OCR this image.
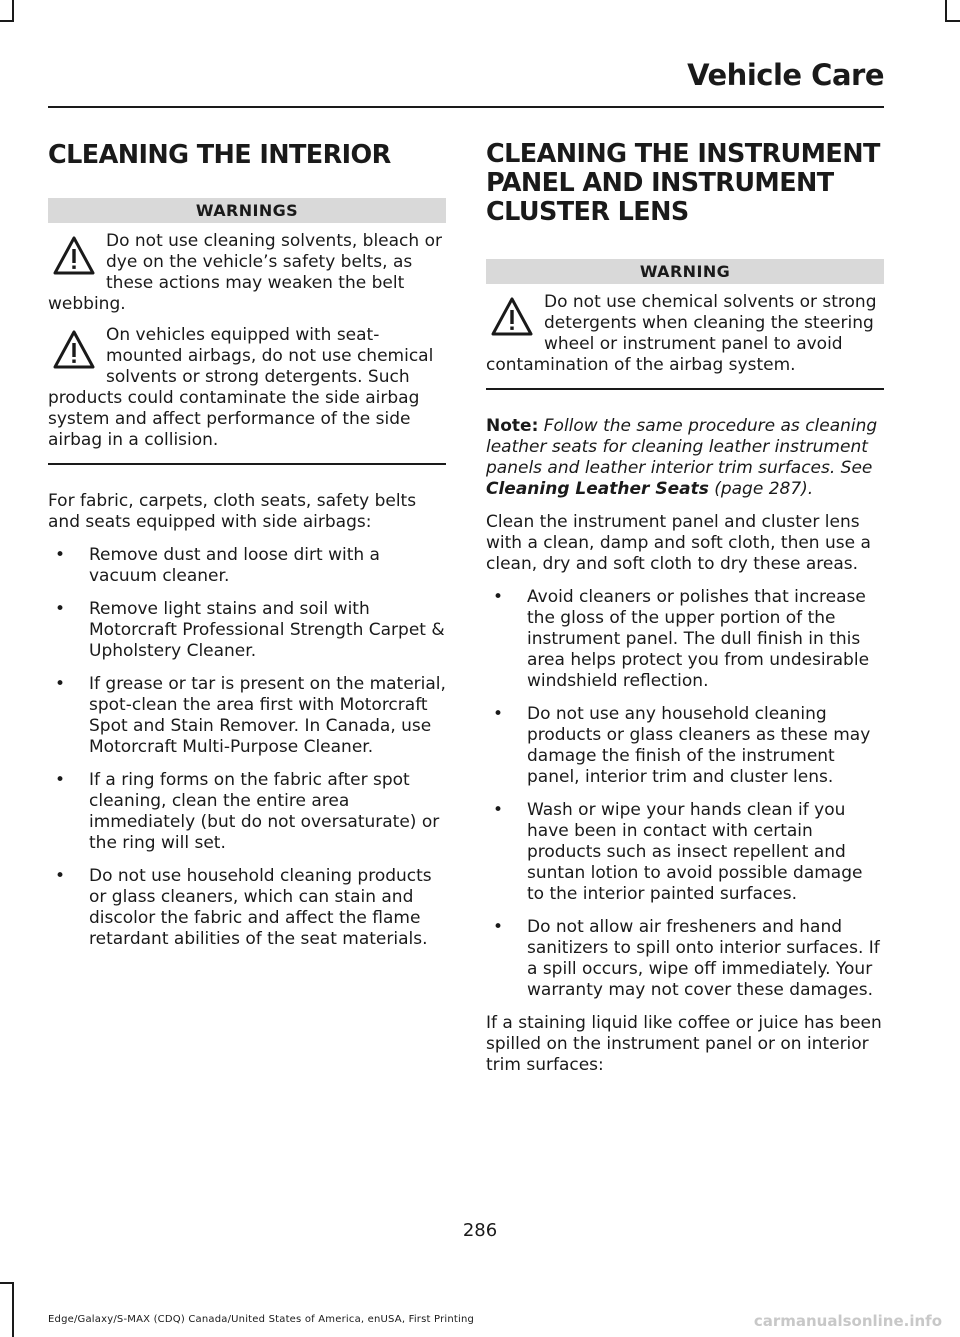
Vehicle Care
CLEANING THE INTERIOR
WARNINGS
Do not use cleaning solvents, bleach or dye on the vehicle’s safety belts, as these actions may weaken the belt webbing.
On vehicles equipped with seat-mounted airbags, do not use chemical solvents or strong detergents. Such products could contaminate the side airbag system and affect performance of the side airbag in a collision.

For fabric, carpets, cloth seats, safety belts and seats equipped with side airbags:

• Remove dust and loose dirt with a vacuum cleaner.
• Remove light stains and soil with Motorcraft Professional Strength Carpet & Upholstery Cleaner.
• If grease or tar is present on the material, spot-clean the area first with Motorcraft Spot and Stain Remover. In Canada, use Motorcraft Multi-Purpose Cleaner.
• If a ring forms on the fabric after spot cleaning, clean the entire area immediately (but do not oversaturate) or the ring will set.
• Do not use household cleaning products or glass cleaners, which can stain and discolor the fabric and affect the flame retardant abilities of the seat materials.
CLEANING THE INSTRUMENT
PANEL AND INSTRUMENT
CLUSTER LENS
WARNING
Do not use chemical solvents or strong detergents when cleaning the steering wheel or instrument panel to avoid contamination of the airbag system.

Note: Follow the same procedure as cleaning leather seats for cleaning leather instrument panels and leather interior trim surfaces. See Cleaning Leather Seats (page 287).

Clean the instrument panel and cluster lens with a clean, damp and soft cloth, then use a clean, dry and soft cloth to dry these areas.

• Avoid cleaners or polishes that increase the gloss of the upper portion of the instrument panel. The dull finish in this area helps protect you from undesirable windshield reflection.
• Do not use any household cleaning products or glass cleaners as these may damage the finish of the instrument panel, interior trim and cluster lens.
• Wash or wipe your hands clean if you have been in contact with certain products such as insect repellent and suntan lotion to avoid possible damage to the interior painted surfaces.
• Do not allow air fresheners and hand sanitizers to spill onto interior surfaces. If a spill occurs, wipe off immediately. Your warranty may not cover these damages.

If a staining liquid like coffee or juice has been spilled on the instrument panel or on interior trim surfaces:

286
Edge/Galaxy/S-MAX (CDQ) Canada/United States of America, enUSA, First Printing	carmanualsonline.info
